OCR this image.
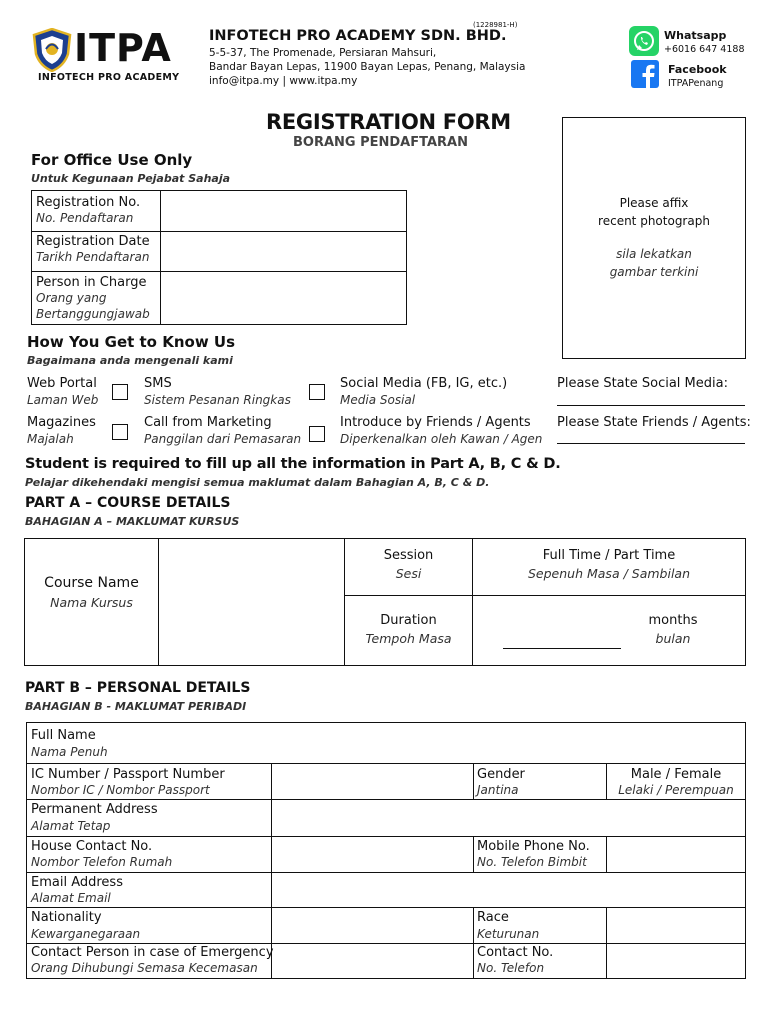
ITPA
INFOTECH PRO ACADEMY
(1228981-H)
INFOTECH PRO ACADEMY SDN. BHD.
5-5-37, The Promenade, Persiaran Mahsuri,
Bandar Bayan Lepas, 11900 Bayan Lepas, Penang, Malaysia
info@itpa.my | www.itpa.my
Whatsapp
+6016 647 4188
Facebook
ITPAPenang
REGISTRATION FORM
BORANG PENDAFTARAN
Please affix
recent photograph
sila lekatkan
gambar terkini
For Office Use Only
Untuk Kegunaan Pejabat Sahaja
Registration No.
No. Pendaftaran
Registration Date
Tarikh Pendaftaran
Person in Charge
Orang yang
Bertanggungjawab
How You Get to Know Us
Bagaimana anda mengenali kami
Web Portal
Laman Web
SMS
Sistem Pesanan Ringkas
Social Media (FB, IG, etc.)
Media Sosial
Please State Social Media:
Magazines
Majalah
Call from Marketing
Panggilan dari Pemasaran
Introduce by Friends / Agents
Diperkenalkan oleh Kawan / Agen
Please State Friends / Agents:
Student is required to fill up all the information in Part A, B, C & D.
Pelajar dikehendaki mengisi semua maklumat dalam Bahagian A, B, C & D.
PART A – COURSE DETAILS
BAHAGIAN A – MAKLUMAT KURSUS
Course Name
Nama Kursus
Session
Sesi
Full Time / Part Time
Sepenuh Masa / Sambilan
Duration
Tempoh Masa
months
bulan
PART B – PERSONAL DETAILS
BAHAGIAN B - MAKLUMAT PERIBADI
Full Name
Nama Penuh
IC Number / Passport Number
Nombor IC / Nombor Passport
Gender
Jantina
Male / Female
Lelaki / Perempuan
Permanent Address
Alamat Tetap
House Contact No.
Nombor Telefon Rumah
Mobile Phone No.
No. Telefon Bimbit
Email Address
Alamat Email
Nationality
Kewarganegaraan
Race
Keturunan
Contact Person in case of Emergency
Orang Dihubungi Semasa Kecemasan
Contact No.
No. Telefon
